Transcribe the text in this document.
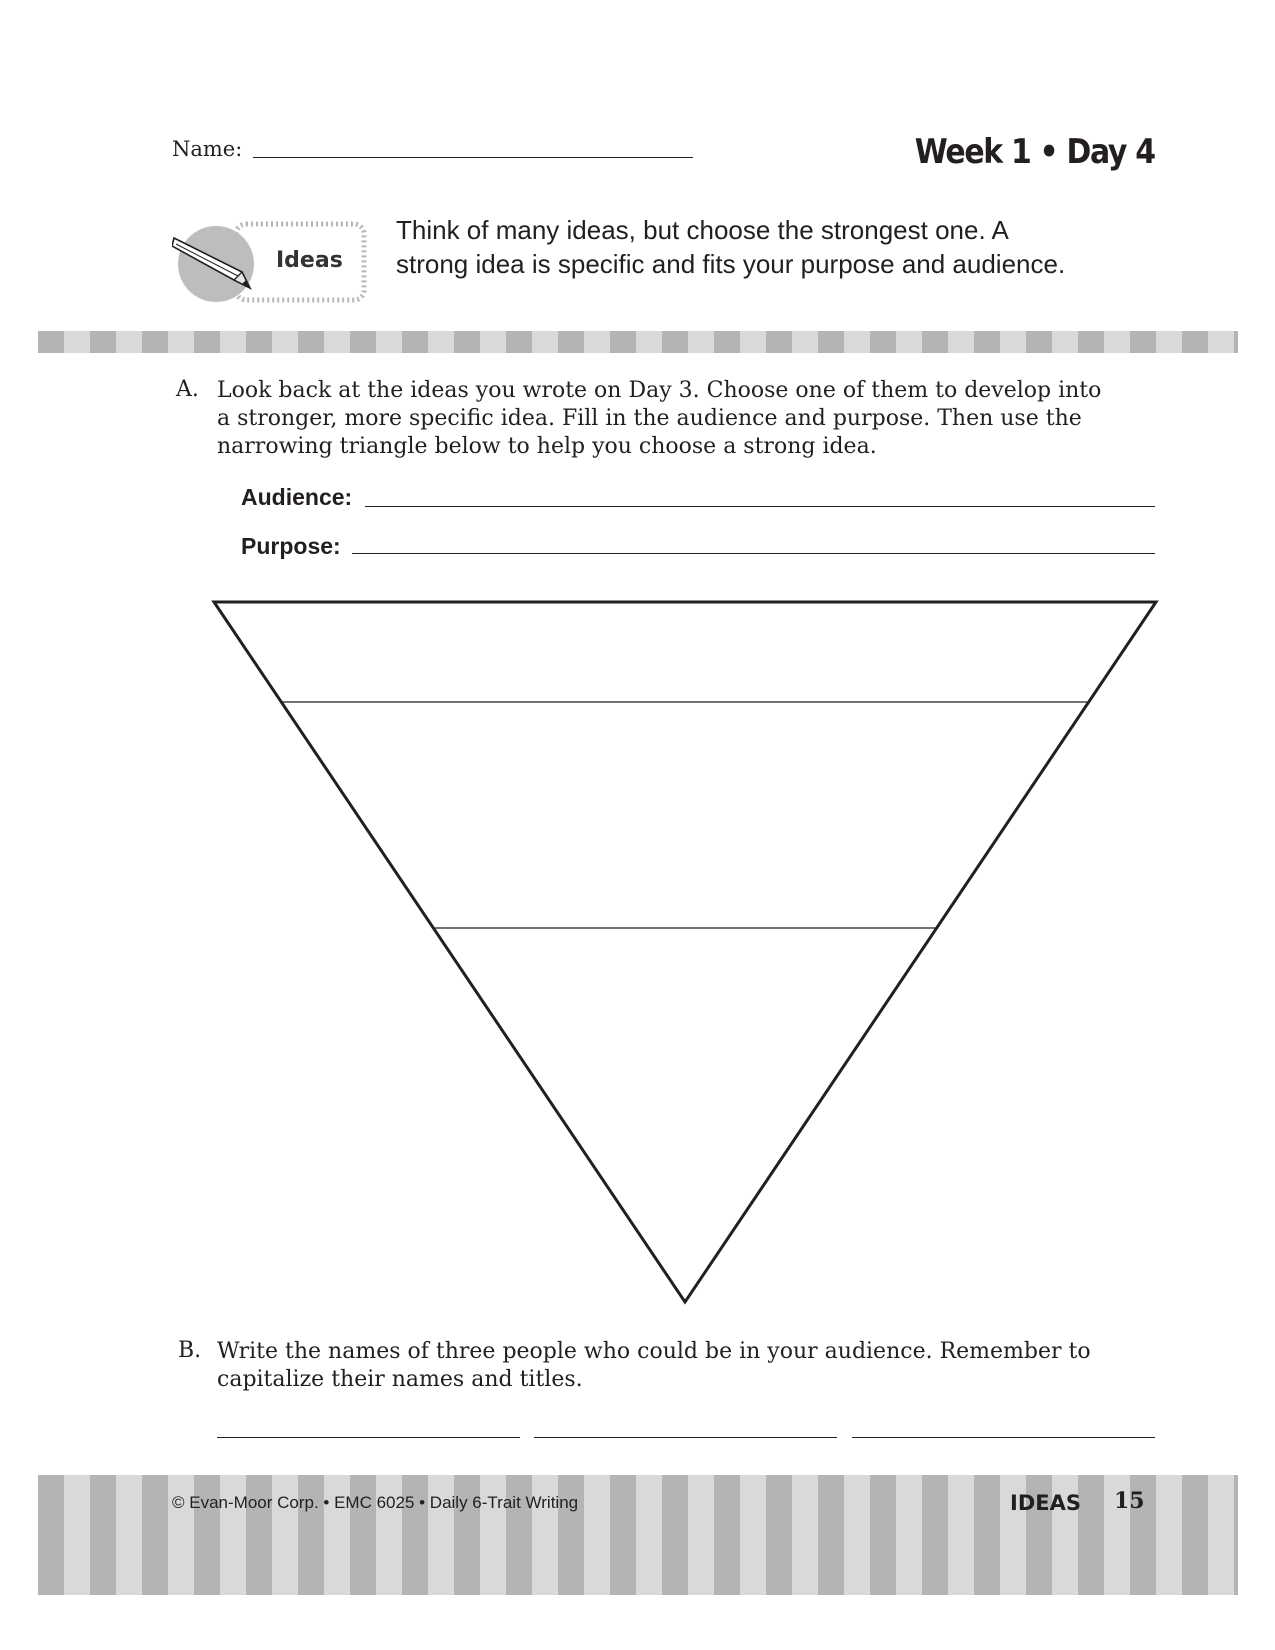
Name:	Week 1 • Day 4
Ideas
Think of many ideas, but choose the strongest one. A strong idea is specific and fits your purpose and audience.
A. Look back at the ideas you wrote on Day 3. Choose one of them to develop into a stronger, more specific idea. Fill in the audience and purpose. Then use the narrowing triangle below to help you choose a strong idea.
Audience:
Purpose:
B. Write the names of three people who could be in your audience. Remember to capitalize their names and titles.
© Evan-Moor Corp. • EMC 6025 • Daily 6-Trait Writing	IDEAS 15
